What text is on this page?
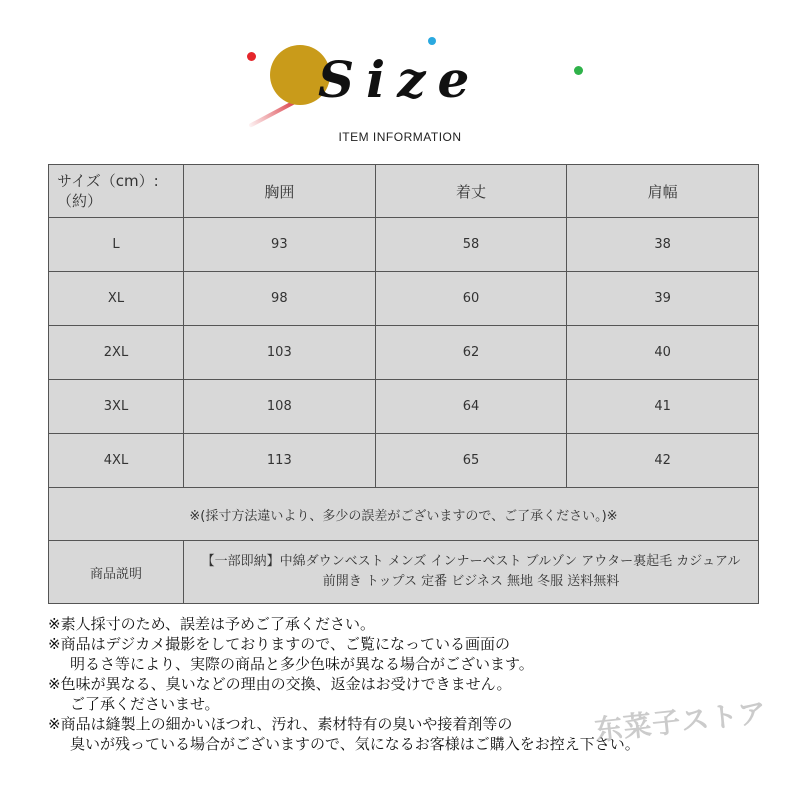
Size
ITEM INFORMATION
サイズ（cm）:
（約）	胸囲	着丈	肩幅
L	93	58	38
XL	98	60	39
2XL	103	62	40
3XL	108	64	41
4XL	113	65	42
※(採寸方法違いより、多少の誤差がございますので、ご了承ください。)※			
商品説明	【一部即納】中綿ダウンベスト メンズ インナーベスト ブルゾン アウター裏起毛 カジュアル
前開き トップス 定番 ビジネス 無地 冬服 送料無料		
※素人採寸のため、誤差は予めご了承ください。
※商品はデジカメ撮影をしておりますので、ご覧になっている画面の
明るさ等により、実際の商品と多少色味が異なる場合がございます。
※色味が異なる、臭いなどの理由の交換、返金はお受けできません。
ご了承くださいませ。
※商品は縫製上の細かいほつれ、汚れ、素材特有の臭いや接着剤等の
臭いが残っている場合がございますので、気になるお客様はご購入をお控え下さい。
东菜子ストア
